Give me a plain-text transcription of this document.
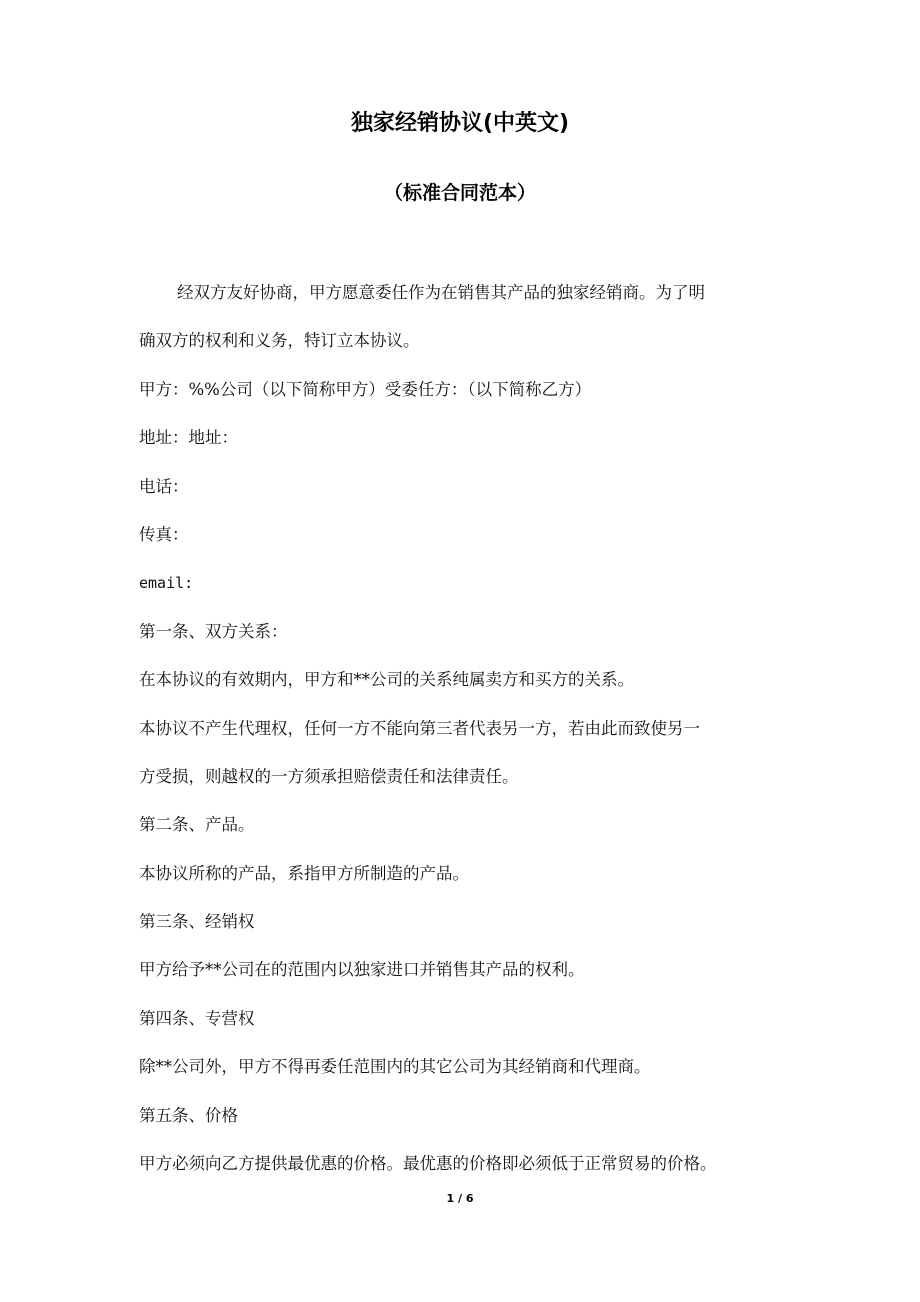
独家经销协议(中英文)
（标准合同范本）
经双方友好协商，甲方愿意委任作为在销售其产品的独家经销商。为了明
确双方的权利和义务，特订立本协议。
甲方：%%公司（以下简称甲方）受委任方：（以下简称乙方）
地址：地址：
电话：
传真：
email:
第一条、双方关系：
在本协议的有效期内，甲方和**公司的关系纯属卖方和买方的关系。
本协议不产生代理权，任何一方不能向第三者代表另一方，若由此而致使另一
方受损，则越权的一方须承担赔偿责任和法律责任。
第二条、产品。
本协议所称的产品，系指甲方所制造的产品。
第三条、经销权
甲方给予**公司在的范围内以独家进口并销售其产品的权利。
第四条、专营权
除**公司外，甲方不得再委任范围内的其它公司为其经销商和代理商。
第五条、价格
甲方必须向乙方提供最优惠的价格。最优惠的价格即必须低于正常贸易的价格。
1 / 6
